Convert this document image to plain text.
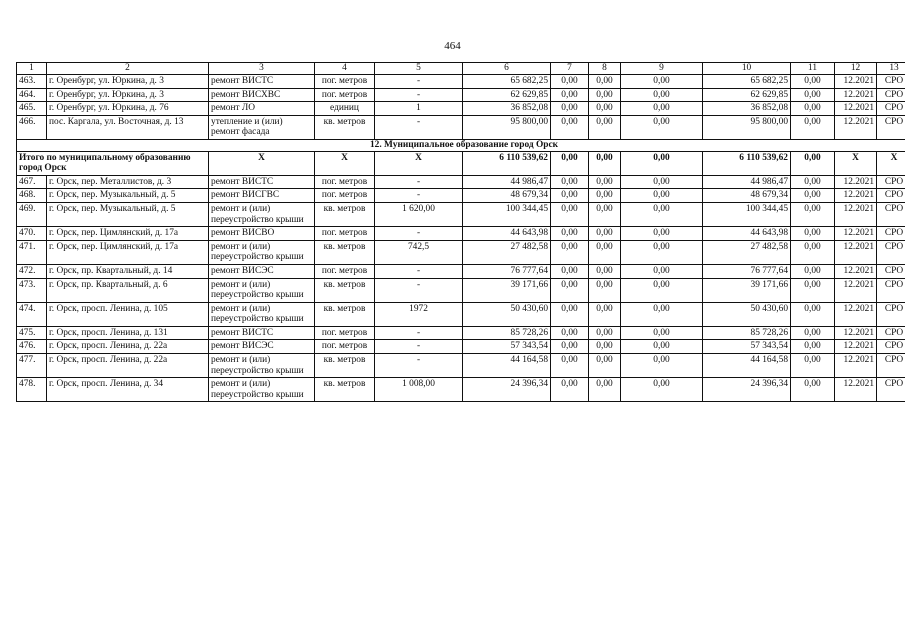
464
1	2	3	4	5	6	7	8	9	10	11	12	13
463.	г. Оренбург, ул. Юркина, д. 3	ремонт ВИСТС	пог. метров	-	65 682,25	0,00	0,00	0,00	65 682,25	0,00	12.2021	СРО
464.	г. Оренбург, ул. Юркина, д. 3	ремонт ВИСХВС	пог. метров	-	62 629,85	0,00	0,00	0,00	62 629,85	0,00	12.2021	СРО
465.	г. Оренбург, ул. Юркина, д. 76	ремонт ЛО	единиц	1	36 852,08	0,00	0,00	0,00	36 852,08	0,00	12.2021	СРО
466.	пос. Каргала, ул. Восточная, д. 13	утепление и (или) ремонт фасада	кв. метров	-	95 800,00	0,00	0,00	0,00	95 800,00	0,00	12.2021	СРО
12. Муниципальное образование город Орск												
Итого по муниципальному образованию город Орск		X	X	X	6 110 539,62	0,00	0,00	0,00	6 110 539,62	0,00	X	X
467.	г. Орск, пер. Металлистов, д. 3	ремонт ВИСТС	пог. метров	-	44 986,47	0,00	0,00	0,00	44 986,47	0,00	12.2021	СРО
468.	г. Орск, пер. Музыкальный, д. 5	ремонт ВИСГВС	пог. метров	-	48 679,34	0,00	0,00	0,00	48 679,34	0,00	12.2021	СРО
469.	г. Орск, пер. Музыкальный, д. 5	ремонт и (или) переустройство крыши	кв. метров	1 620,00	100 344,45	0,00	0,00	0,00	100 344,45	0,00	12.2021	СРО
470.	г. Орск, пер. Цимлянский, д. 17а	ремонт ВИСВО	пог. метров	-	44 643,98	0,00	0,00	0,00	44 643,98	0,00	12.2021	СРО
471.	г. Орск, пер. Цимлянский, д. 17а	ремонт и (или) переустройство крыши	кв. метров	742,5	27 482,58	0,00	0,00	0,00	27 482,58	0,00	12.2021	СРО
472.	г. Орск, пр. Квартальный, д. 14	ремонт ВИСЭС	пог. метров	-	76 777,64	0,00	0,00	0,00	76 777,64	0,00	12.2021	СРО
473.	г. Орск, пр. Квартальный, д. 6	ремонт и (или) переустройство крыши	кв. метров	-	39 171,66	0,00	0,00	0,00	39 171,66	0,00	12.2021	СРО
474.	г. Орск, просп. Ленина, д. 105	ремонт и (или) переустройство крыши	кв. метров	1972	50 430,60	0,00	0,00	0,00	50 430,60	0,00	12.2021	СРО
475.	г. Орск, просп. Ленина, д. 131	ремонт ВИСТС	пог. метров	-	85 728,26	0,00	0,00	0,00	85 728,26	0,00	12.2021	СРО
476.	г. Орск, просп. Ленина, д. 22а	ремонт ВИСЭС	пог. метров	-	57 343,54	0,00	0,00	0,00	57 343,54	0,00	12.2021	СРО
477.	г. Орск, просп. Ленина, д. 22а	ремонт и (или) переустройство крыши	кв. метров	-	44 164,58	0,00	0,00	0,00	44 164,58	0,00	12.2021	СРО
478.	г. Орск, просп. Ленина, д. 34	ремонт и (или) переустройство крыши	кв. метров	1 008,00	24 396,34	0,00	0,00	0,00	24 396,34	0,00	12.2021	СРО
